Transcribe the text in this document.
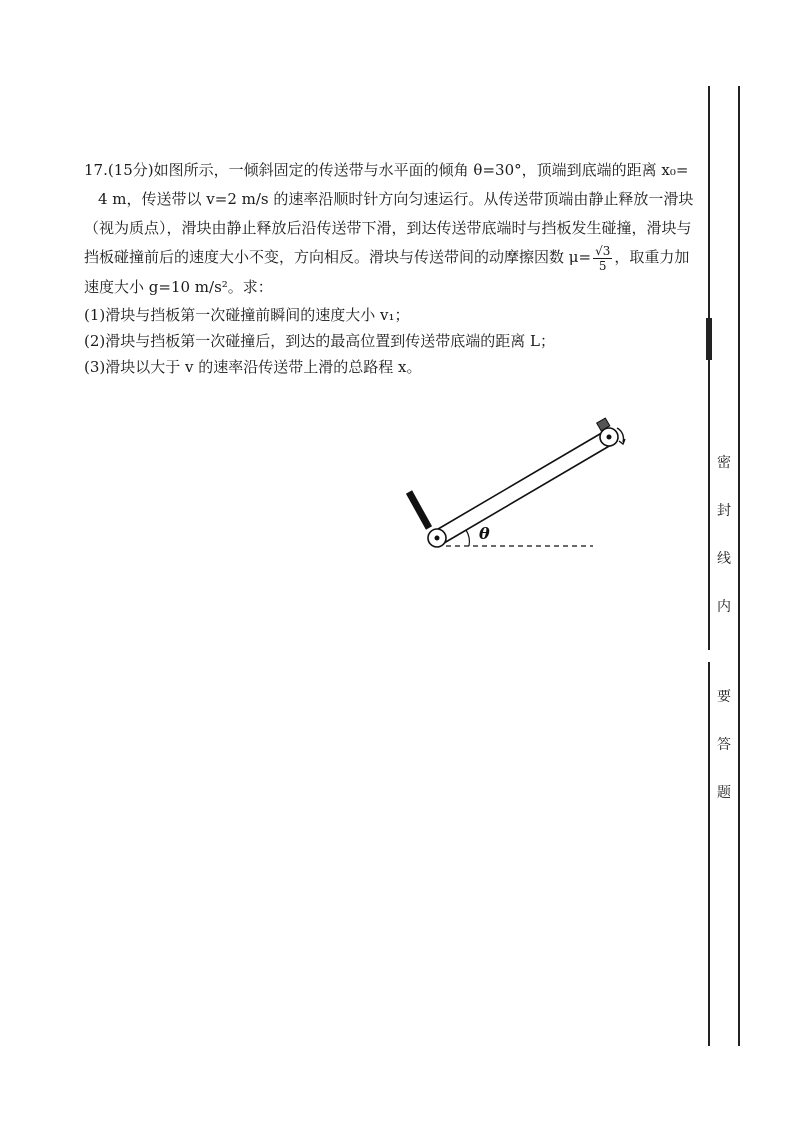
17.(15分)如图所示，一倾斜固定的传送带与水平面的倾角 θ=30°，顶端到底端的距离 x₀=
4 m，传送带以 v=2 m/s 的速率沿顺时针方向匀速运行。从传送带顶端由静止释放一滑块
（视为质点），滑块由静止释放后沿传送带下滑，到达传送带底端时与挡板发生碰撞，滑块与
挡板碰撞前后的速度大小不变，方向相反。滑块与传送带间的动摩擦因数 $\mu= \frac{√3}{5}$ ，取重力加
速度大小 g=10 m/s²。求：

(1)滑块与挡板第一次碰撞前瞬间的速度大小 v₁；

(2)滑块与挡板第一次碰撞后，到达的最高位置到传送带底端的距离 L；

(3)滑块以大于 v 的速率沿传送带上滑的总路程 x。

θ
密
封
线
内
要
答
题
